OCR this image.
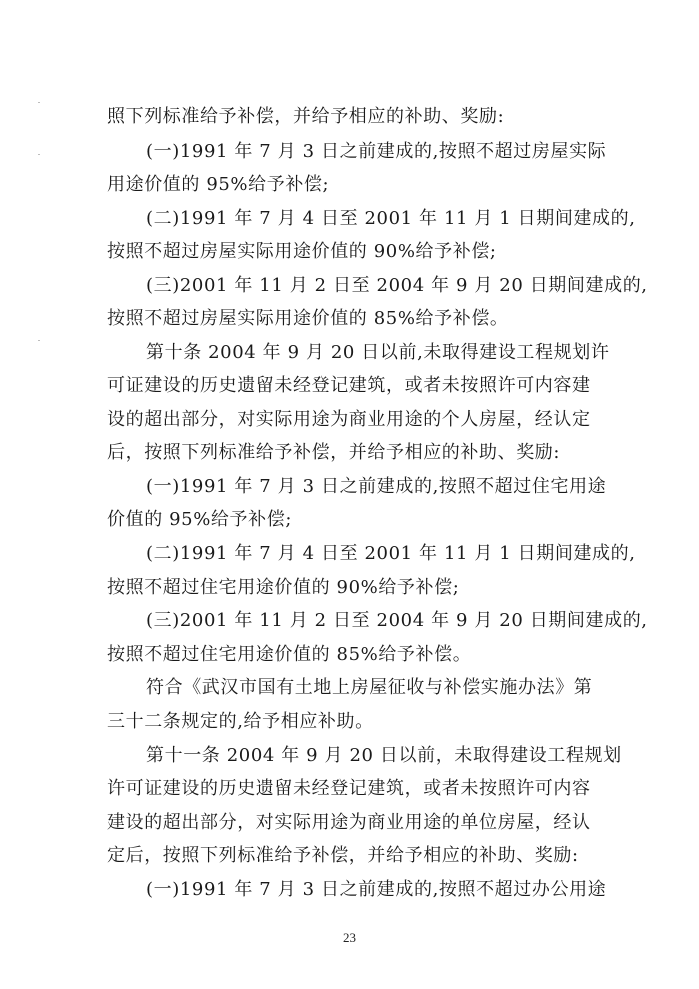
照下列标准给予补偿，并给予相应的补助、奖励:
(一)1991 年 7 月 3 日之前建成的,按照不超过房屋实际
用途价值的 95%给予补偿;
(二)1991 年 7 月 4 日至 2001 年 11 月 1 日期间建成的,
按照不超过房屋实际用途价值的 90%给予补偿;
(三)2001 年 11 月 2 日至 2004 年 9 月 20 日期间建成的,
按照不超过房屋实际用途价值的 85%给予补偿。
第十条 2004 年 9 月 20 日以前,未取得建设工程规划许
可证建设的历史遗留未经登记建筑，或者未按照许可内容建
设的超出部分，对实际用途为商业用途的个人房屋，经认定
后，按照下列标准给予补偿，并给予相应的补助、奖励:
(一)1991 年 7 月 3 日之前建成的,按照不超过住宅用途
价值的 95%给予补偿;
(二)1991 年 7 月 4 日至 2001 年 11 月 1 日期间建成的,
按照不超过住宅用途价值的 90%给予补偿;
(三)2001 年 11 月 2 日至 2004 年 9 月 20 日期间建成的,
按照不超过住宅用途价值的 85%给予补偿。
符合《武汉市国有土地上房屋征收与补偿实施办法》第
三十二条规定的,给予相应补助。
第十一条 2004 年 9 月 20 日以前，未取得建设工程规划
许可证建设的历史遗留未经登记建筑，或者未按照许可内容
建设的超出部分，对实际用途为商业用途的单位房屋，经认
定后，按照下列标准给予补偿，并给予相应的补助、奖励:
(一)1991 年 7 月 3 日之前建成的,按照不超过办公用途
23
